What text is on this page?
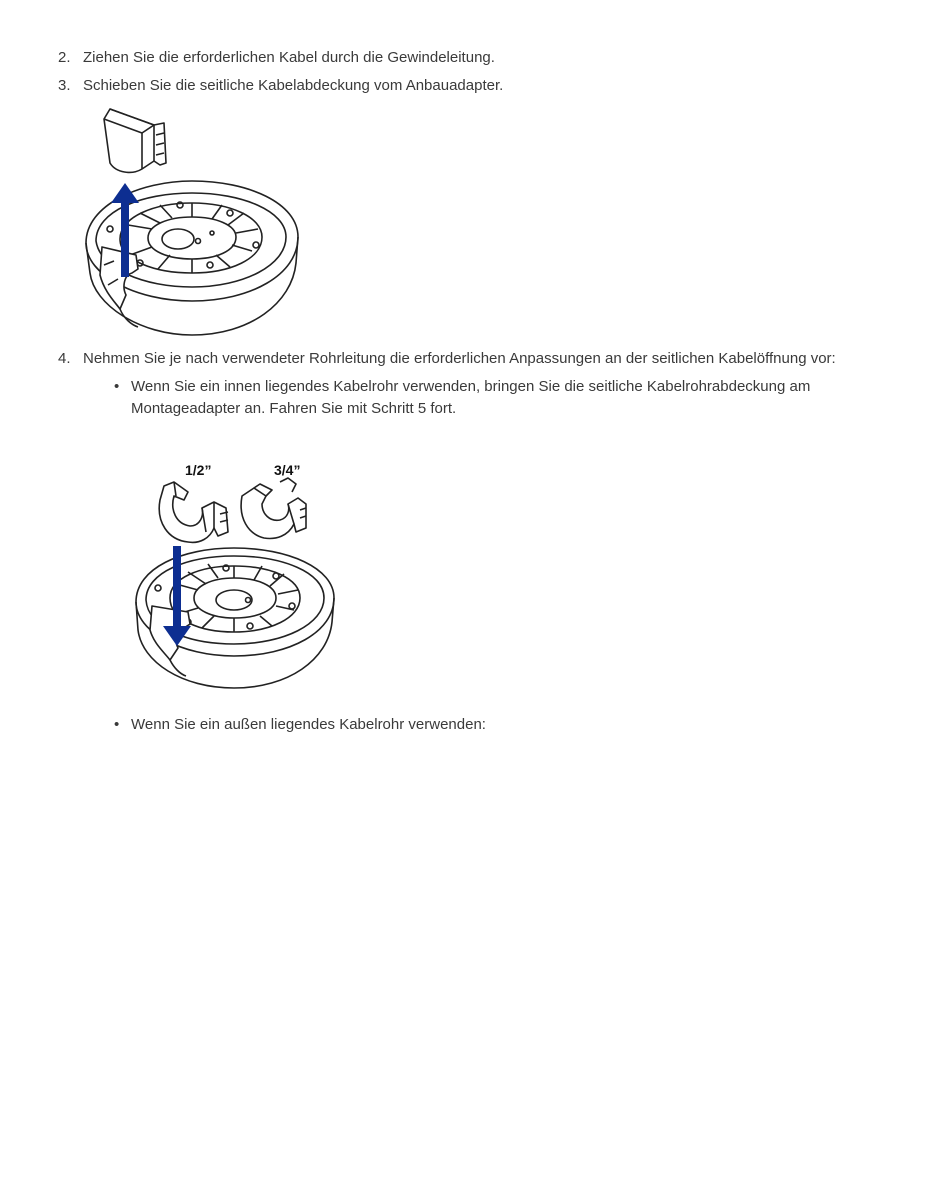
2. Ziehen Sie die erforderlichen Kabel durch die Gewindeleitung.
3. Schieben Sie die seitliche Kabelabdeckung vom Anbauadapter.
4. Nehmen Sie je nach verwendeter Rohrleitung die erforderlichen Anpassungen an der seitlichen Kabelöffnung vor:
• Wenn Sie ein innen liegendes Kabelrohr verwenden, bringen Sie die seitliche Kabelrohrabdeckung am Montageadapter an. Fahren Sie mit Schritt 5 fort.
1/2”	3/4”
• Wenn Sie ein außen liegendes Kabelrohr verwenden:
